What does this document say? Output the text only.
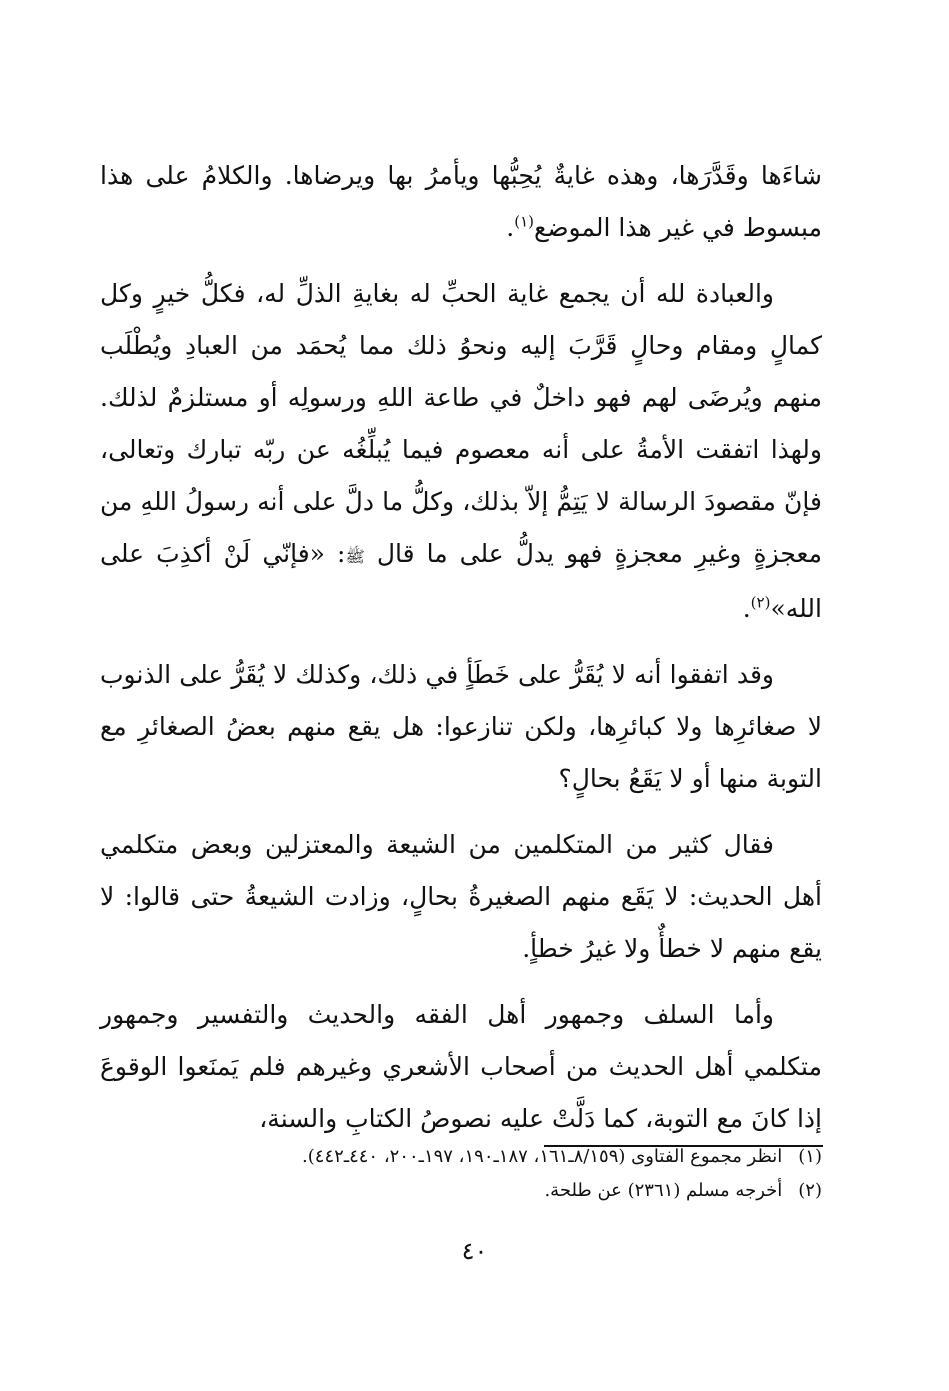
شاءَها وقَدَّرَها، وهذه غايةٌ يُحِبُّها ويأمرُ بها ويرضاها. والكلامُ على هذا مبسوط في غير هذا الموضع$^{(١)}$.

والعبادة لله أن يجمع غاية الحبِّ له بغايةِ الذلِّ له، فكلُّ خيرٍ وكل كمالٍ ومقام وحالٍ قَرَّبَ إليه ونحوُ ذلك مما يُحمَد من العبادِ ويُطْلَب منهم ويُرضَى لهم فهو داخلٌ في طاعة اللهِ ورسولِه أو مستلزمٌ لذلك. ولهذا اتفقت الأمةُ على أنه معصوم فيما يُبلِّغُه عن ربّه تبارك وتعالى، فإنّ مقصودَ الرسالة لا يَتِمُّ إلاّ بذلك، وكلُّ ما دلَّ على أنه رسولُ اللهِ من معجزةٍ وغيرِ معجزةٍ فهو يدلُّ على ما قال ﷺ: «فإنّي لَنْ أكذِبَ على الله»$^{(٢)}$.

وقد اتفقوا أنه لا يُقَرُّ على خَطَأٍ في ذلك، وكذلك لا يُقَرُّ على الذنوب لا صغائرِها ولا كبائرِها، ولكن تنازعوا: هل يقع منهم بعضُ الصغائرِ مع التوبة منها أو لا يَقَعُ بحالٍ؟

فقال كثير من المتكلمين من الشيعة والمعتزلين وبعض متكلمي أهل الحديث: لا يَقَع منهم الصغيرةُ بحالٍ، وزادت الشيعةُ حتى قالوا: لا يقع منهم لا خطأٌ ولا غيرُ خطأٍ.

وأما السلف وجمهور أهل الفقه والحديث والتفسير وجمهور متكلمي أهل الحديث من أصحاب الأشعري وغيرهم فلم يَمنَعوا الوقوعَ إذا كانَ مع التوبة، كما دَلَّتْ عليه نصوصُ الكتابِ والسنة،

(١)انظر مجموع الفتاوى (٨/١٥٩ـ١٦١، ١٨٧ـ١٩٠، ١٩٧ـ٢٠٠، ٤٤٠ـ٤٤٢).

(٢)أخرجه مسلم (٢٣٦١) عن طلحة.

٤٠
